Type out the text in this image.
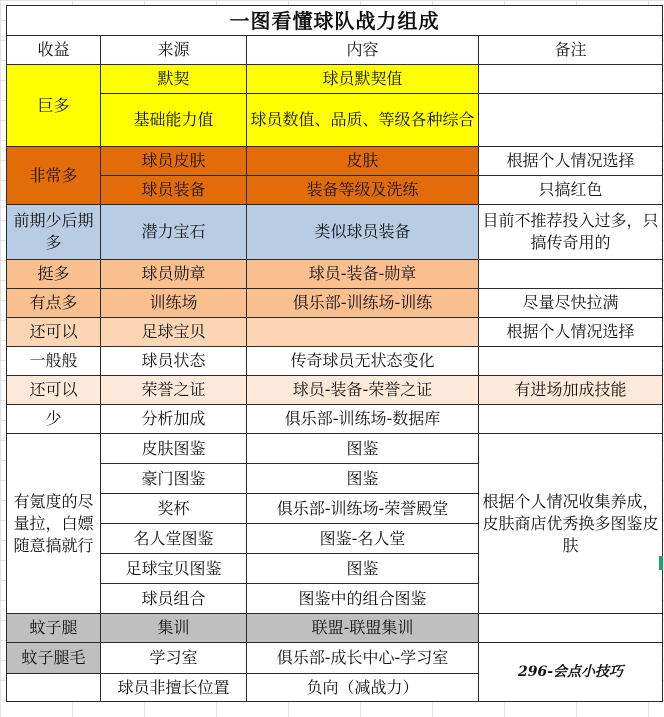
一图看懂球队战力组成			
收益	来源	内容	备注
巨多	默契	球员默契值	
	基础能力值	球员数值、品质、等级各种综合	
非常多	球员皮肤	皮肤	根据个人情况选择
	球员装备	装备等级及洗练	只搞红色
前期少后期多	潜力宝石	类似球员装备	目前不推荐投入过多，只搞传奇用的
挺多	球员勋章	球员-装备-勋章	
有点多	训练场	俱乐部-训练场-训练	尽量尽快拉满
还可以	足球宝贝		根据个人情况选择
一般般	球员状态	传奇球员无状态变化	
还可以	荣誉之证	球员-装备-荣誉之证	有进场加成技能
少	分析加成	俱乐部-训练场-数据库	
有氪度的尽量拉，白嫖随意搞就行	皮肤图鉴	图鉴	根据个人情况收集养成，皮肤商店优秀换多图鉴皮肤
	豪门图鉴	图鉴	
	奖杯	俱乐部-训练场-荣誉殿堂	
	名人堂图鉴	图鉴-名人堂	
	足球宝贝图鉴	图鉴	
	球员组合	图鉴中的组合图鉴	
蚊子腿	集训	联盟-联盟集训	
蚊子腿毛	学习室	俱乐部-成长中心-学习室	296-会点小技巧
	球员非擅长位置	负向（减战力）	
